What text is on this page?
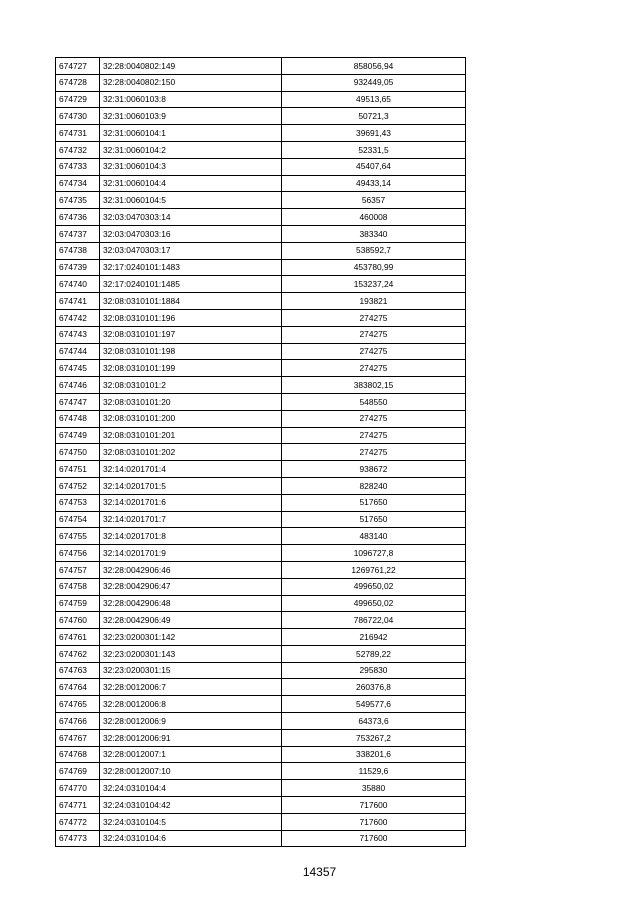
674727	32:28:0040802:149	858056,94
674728	32:28:0040802:150	932449,05
674729	32:31:0060103:8	49513,65
674730	32:31:0060103:9	50721,3
674731	32:31:0060104:1	39691,43
674732	32:31:0060104:2	52331,5
674733	32:31:0060104:3	45407,64
674734	32:31:0060104:4	49433,14
674735	32:31:0060104:5	56357
674736	32:03:0470303:14	460008
674737	32:03:0470303:16	383340
674738	32:03:0470303:17	538592,7
674739	32:17:0240101:1483	453780,99
674740	32:17:0240101:1485	153237,24
674741	32:08:0310101:1884	193821
674742	32:08:0310101:196	274275
674743	32:08:0310101:197	274275
674744	32:08:0310101:198	274275
674745	32:08:0310101:199	274275
674746	32:08:0310101:2	383802,15
674747	32:08:0310101:20	548550
674748	32:08:0310101:200	274275
674749	32:08:0310101:201	274275
674750	32:08:0310101:202	274275
674751	32:14:0201701:4	938672
674752	32:14:0201701:5	828240
674753	32:14:0201701:6	517650
674754	32:14:0201701:7	517650
674755	32:14:0201701:8	483140
674756	32:14:0201701:9	1096727,8
674757	32:28:0042906:46	1269761,22
674758	32:28:0042906:47	499650,02
674759	32:28:0042906:48	499650,02
674760	32:28:0042906:49	786722,04
674761	32:23:0200301:142	216942
674762	32:23:0200301:143	52789,22
674763	32:23:0200301:15	295830
674764	32:28:0012006:7	260376,8
674765	32:28:0012006:8	549577,6
674766	32:28:0012006:9	64373,6
674767	32:28:0012006:91	753267,2
674768	32:28:0012007:1	338201,6
674769	32:28:0012007:10	11529,6
674770	32:24:0310104:4	35880
674771	32:24:0310104:42	717600
674772	32:24:0310104:5	717600
674773	32:24:0310104:6	717600
14357
